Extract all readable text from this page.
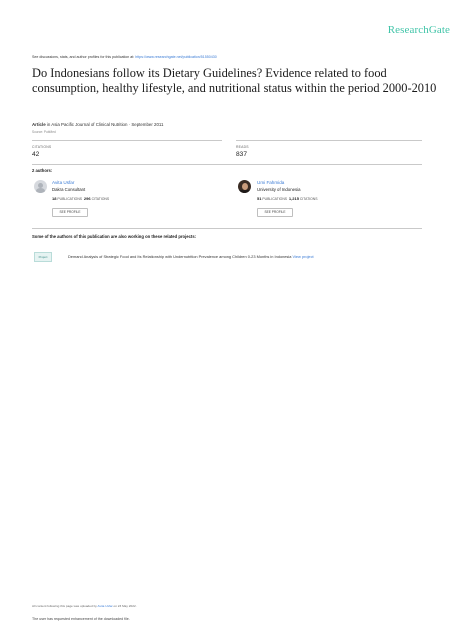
ResearchGate
See discussions, stats, and author profiles for this publication at: https://www.researchgate.net/publication/51550430
Do Indonesians follow its Dietary Guidelines? Evidence related to food consumption, healthy lifestyle, and nutritional status within the period 2000-2010
Article in Asia Pacific Journal of Clinical Nutrition · September 2011
Source: PubMed
CITATIONS
42
READS
837
2 authors:
Avita Usfar
Dakra Consultant
18 PUBLICATIONS 296 CITATIONS
SEE PROFILE
Umi Fahmida
University of Indonesia
51 PUBLICATIONS 1,215 CITATIONS
SEE PROFILE
Some of the authors of this publication are also working on these related projects:
Project	Demand Analysis of Strategic Food and Its Relationship with Undernutrition Prevalence among Children 0-23 Months in Indonesia View project
All content following this page was uploaded by Avita Usfar on 23 May 2022.
The user has requested enhancement of the downloaded file.
